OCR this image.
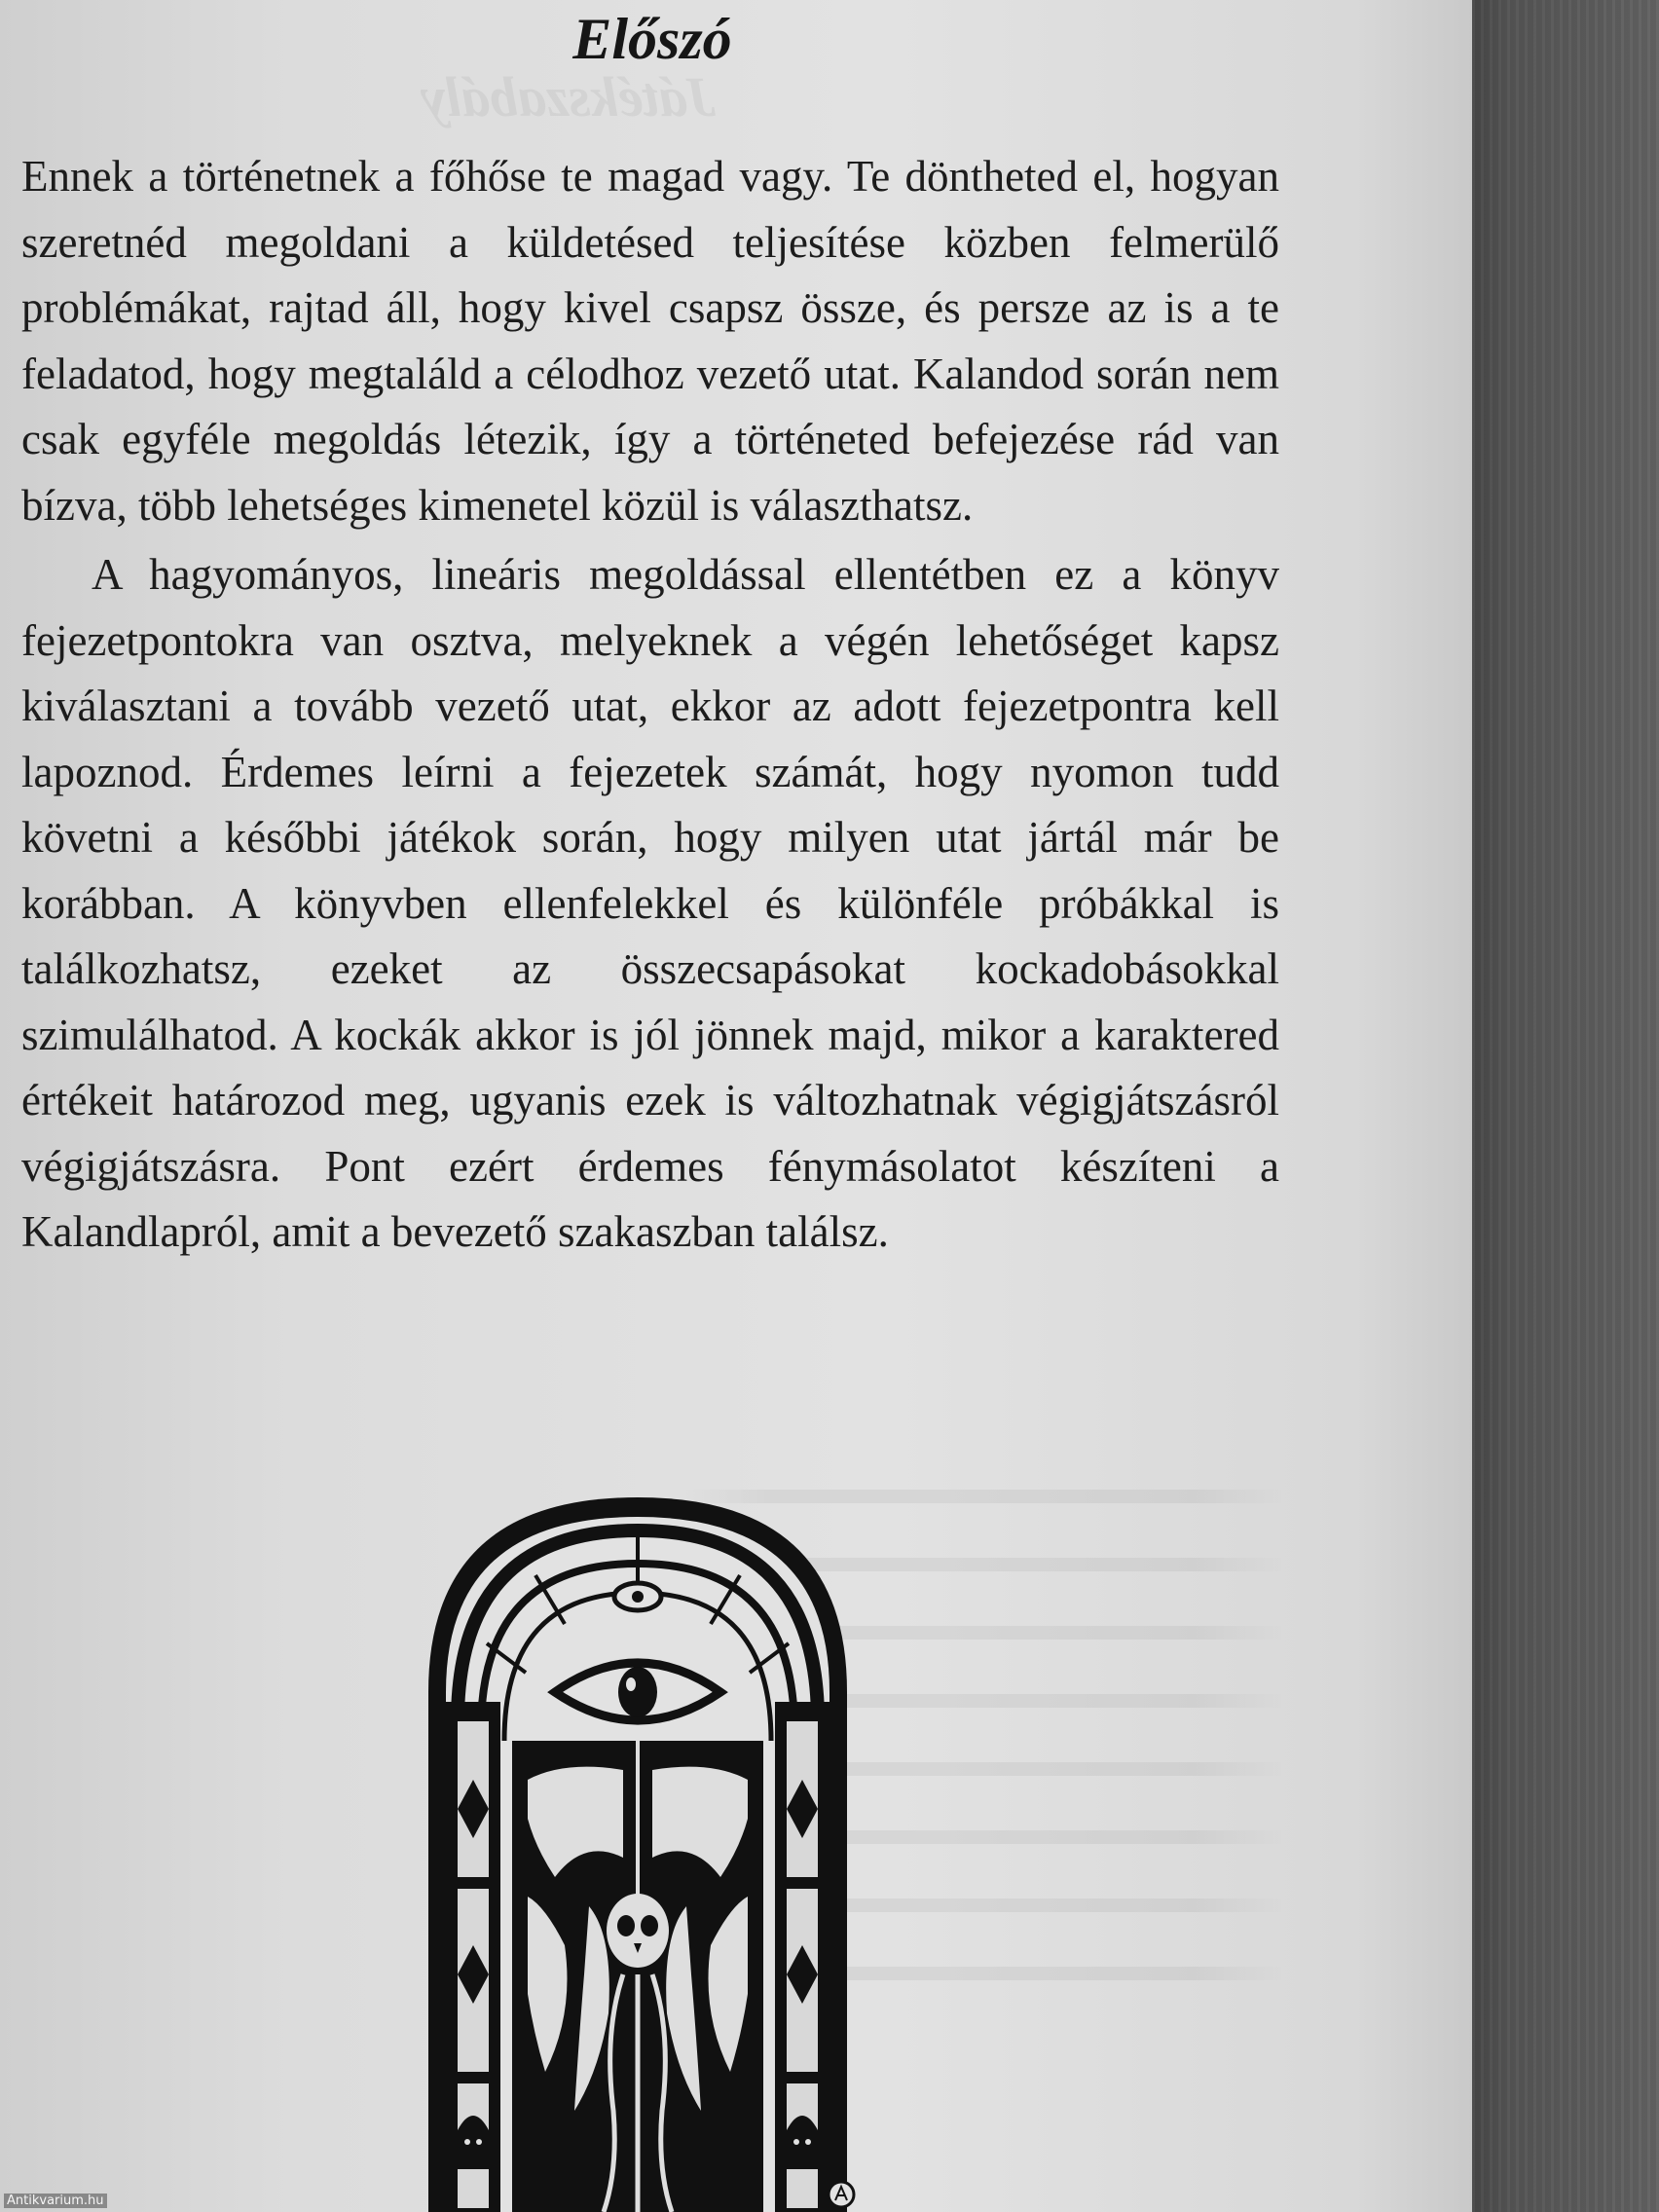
Játékszabály
Előszó

Ennek a történetnek a főhőse te magad vagy. Te döntheted el, hogyan szeretnéd megoldani a küldetésed teljesítése közben felmerülő problémákat, rajtad áll, hogy kivel csapsz össze, és persze az is a te feladatod, hogy megtaláld a célodhoz vezető utat. Kalandod során nem csak egyféle megoldás létezik, így a történeted befejezése rád van bízva, több lehetséges kimenetel közül is választhatsz.

A hagyományos, lineáris megoldással ellentétben ez a könyv fejezetpontokra van osztva, melyeknek a végén lehetőséget kapsz kiválasztani a tovább vezető utat, ekkor az adott fejezetpontra kell lapoznod. Érdemes leírni a fejezetek számát, hogy nyomon tudd követni a későbbi játékok során, hogy milyen utat jártál már be korábban. A könyvben ellenfelekkel és különféle próbákkal is találkozhatsz, ezeket az összecsapásokat kockadobásokkal szimulálhatod. A kockák akkor is jól jönnek majd, mikor a karaktered értékeit határozod meg, ugyanis ezek is változhatnak végigjátszásról végigjátszásra. Pont ezért érdemes fénymásolatot készíteni a Kalandlapról, amit a bevezető szakaszban találsz.

Antikvarium.hu
